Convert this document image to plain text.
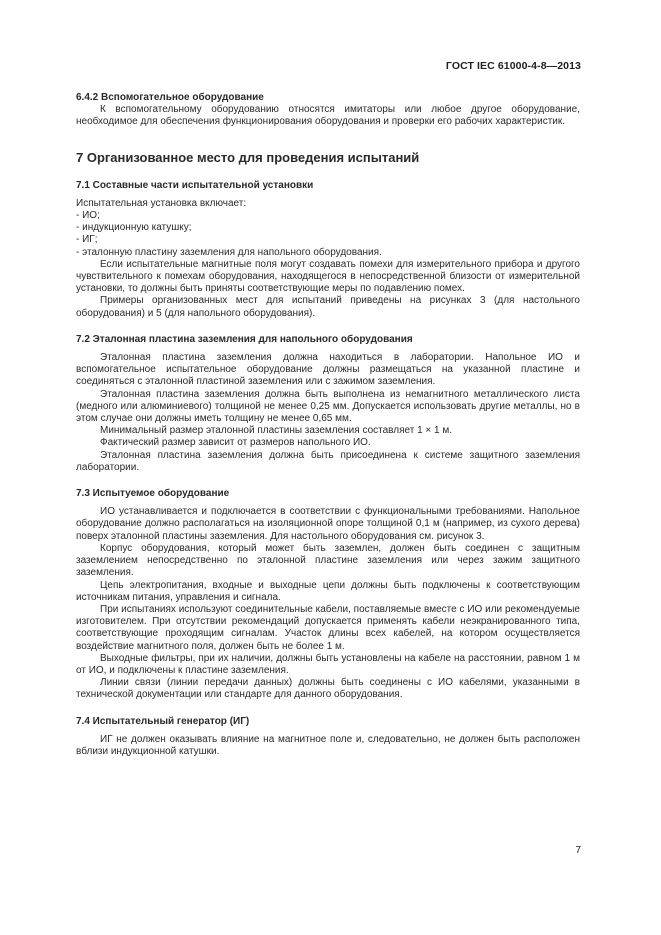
ГОСТ IEC 61000-4-8—2013
6.4.2 Вспомогательное оборудование

К вспомогательному оборудованию относятся имитаторы или любое другое оборудование, необходимое для обеспечения функционирования оборудования и проверки его рабочих характеристик.

7 Организованное место для проведения испытаний
7.1 Составные части испытательной установки

Испытательная установка включает:

- ИО;

- индукционную катушку;

- ИГ;

- эталонную пластину заземления для напольного оборудования.

Если испытательные магнитные поля могут создавать помехи для измерительного прибора и другого чувствительного к помехам оборудования, находящегося в непосредственной близости от измерительной установки, то должны быть приняты соответствующие меры по подавлению помех.

Примеры организованных мест для испытаний приведены на рисунках 3 (для настольного оборудования) и 5 (для напольного оборудования).

7.2 Эталонная пластина заземления для напольного оборудования

Эталонная пластина заземления должна находиться в лаборатории. Напольное ИО и вспомогательное испытательное оборудование должны размещаться на указанной пластине и соединяться с эталонной пластиной заземления или с зажимом заземления.

Эталонная пластина заземления должна быть выполнена из немагнитного металлического листа (медного или алюминиевого) толщиной не менее 0,25 мм. Допускается использовать другие металлы, но в этом случае они должны иметь толщину не менее 0,65 мм.

Минимальный размер эталонной пластины заземления составляет 1 × 1 м.

Фактический размер зависит от размеров напольного ИО.

Эталонная пластина заземления должна быть присоединена к системе защитного заземления лаборатории.

7.3 Испытуемое оборудование

ИО устанавливается и подключается в соответствии с функциональными требованиями. Напольное оборудование должно располагаться на изоляционной опоре толщиной 0,1 м (например, из сухого дерева) поверх эталонной пластины заземления. Для настольного оборудования см. рисунок 3.

Корпус оборудования, который может быть заземлен, должен быть соединен с защитным заземлением непосредственно по эталонной пластине заземления или через зажим защитного заземления.

Цепь электропитания, входные и выходные цепи должны быть подключены к соответствующим источникам питания, управления и сигнала.

При испытаниях используют соединительные кабели, поставляемые вместе с ИО или рекомендуемые изготовителем. При отсутствии рекомендаций допускается применять кабели неэкранированного типа, соответствующие проходящим сигналам. Участок длины всех кабелей, на котором осуществляется воздействие магнитного поля, должен быть не более 1 м.

Выходные фильтры, при их наличии, должны быть установлены на кабеле на расстоянии, равном 1 м от ИО, и подключены к пластине заземления.

Линии связи (линии передачи данных) должны быть соединены с ИО кабелями, указанными в технической документации или стандарте для данного оборудования.

7.4 Испытательный генератор (ИГ)

ИГ не должен оказывать влияние на магнитное поле и, следовательно, не должен быть расположен вблизи индукционной катушки.

7
